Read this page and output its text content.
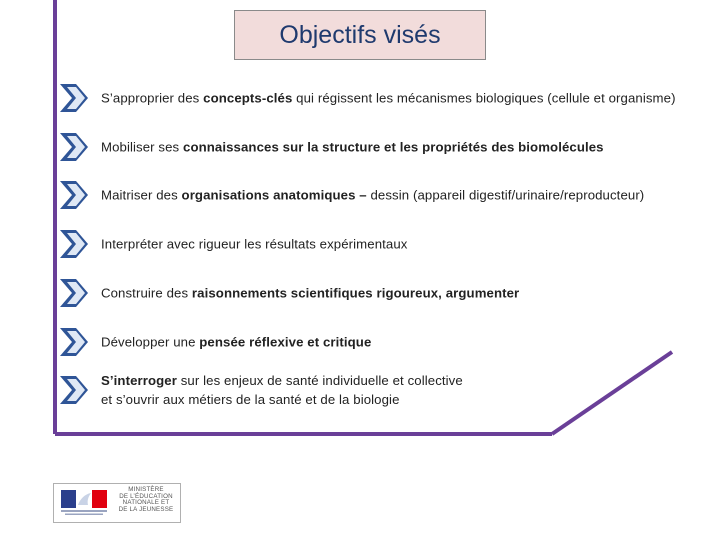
Objectifs visés
S’approprier des concepts-clés qui régissent les mécanismes biologiques (cellule et organisme)
Mobiliser ses connaissances sur la structure et les propriétés des biomolécules
Maitriser des organisations anatomiques – dessin (appareil digestif/urinaire/reproducteur)
Interpréter avec rigueur les résultats expérimentaux
Construire des raisonnements scientifiques rigoureux, argumenter
Développer une pensée réflexive et critique
S’interroger sur les enjeux de santé individuelle et collective
et s’ouvrir aux métiers de la santé et de la biologie
MINISTÈRE
DE L’ÉDUCATION
NATIONALE ET
DE LA JEUNESSE
